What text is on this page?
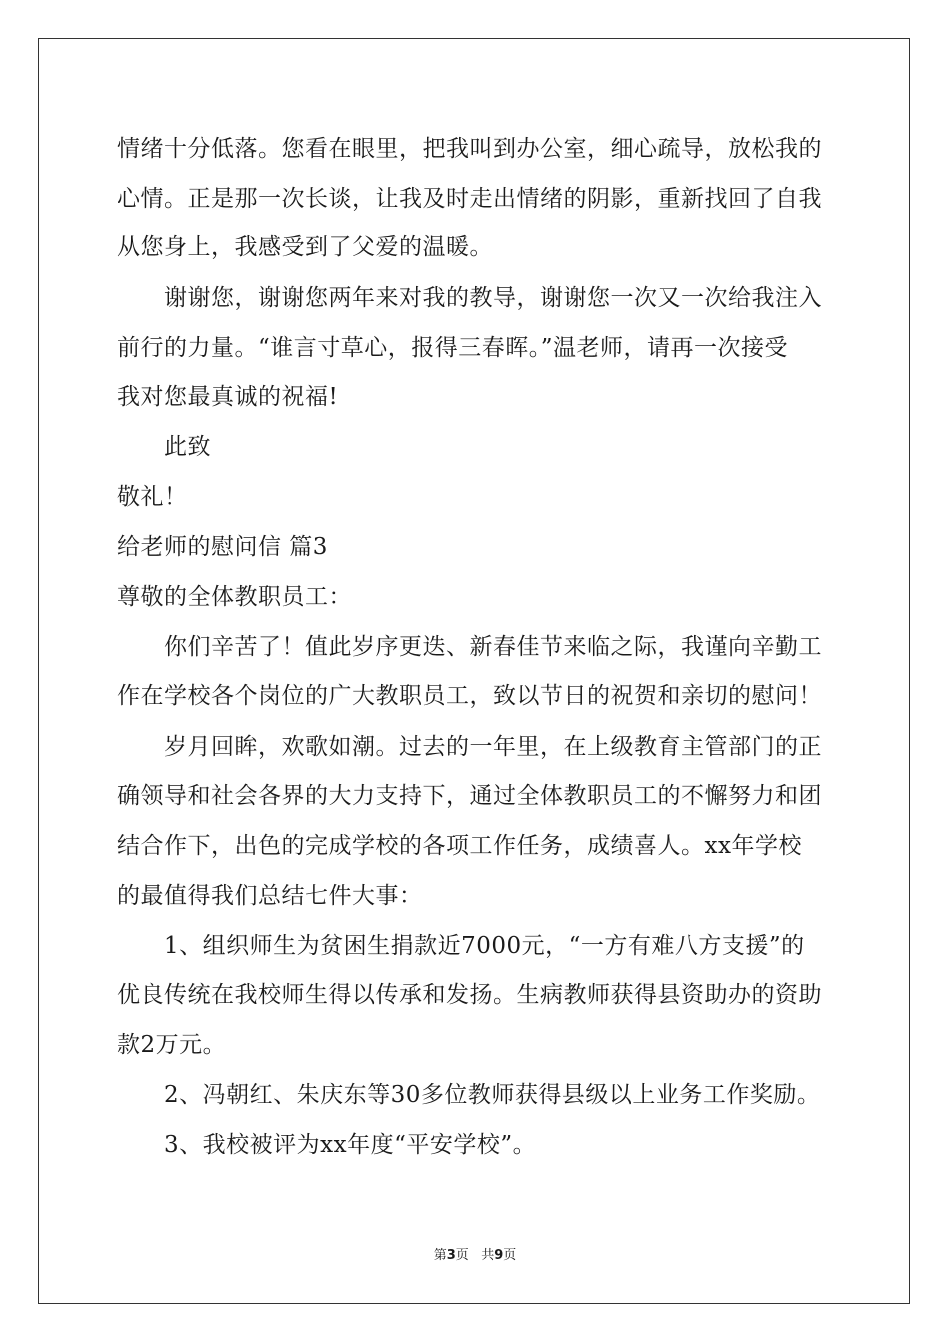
情绪十分低落。您看在眼里，把我叫到办公室，细心疏导，放松我的
心情。正是那一次长谈，让我及时走出情绪的阴影，重新找回了自我
从您身上，我感受到了父爱的温暖。
谢谢您，谢谢您两年来对我的教导，谢谢您一次又一次给我注入
前行的力量。“谁言寸草心，报得三春晖。”温老师，请再一次接受
我对您最真诚的祝福!
此致
敬礼！
给老师的慰问信 篇3
尊敬的全体教职员工：
你们辛苦了！值此岁序更迭、新春佳节来临之际，我谨向辛勤工
作在学校各个岗位的广大教职员工，致以节日的祝贺和亲切的慰问！
岁月回眸，欢歌如潮。过去的一年里，在上级教育主管部门的正
确领导和社会各界的大力支持下，通过全体教职员工的不懈努力和团
结合作下，出色的完成学校的各项工作任务，成绩喜人。xx年学校
的最值得我们总结七件大事：
1、组织师生为贫困生捐款近7000元，“一方有难八方支援”的
优良传统在我校师生得以传承和发扬。生病教师获得县资助办的资助
款2万元。
2、冯朝红、朱庆东等30多位教师获得县级以上业务工作奖励。
3、我校被评为xx年度“平安学校”。
第3页 共9页
